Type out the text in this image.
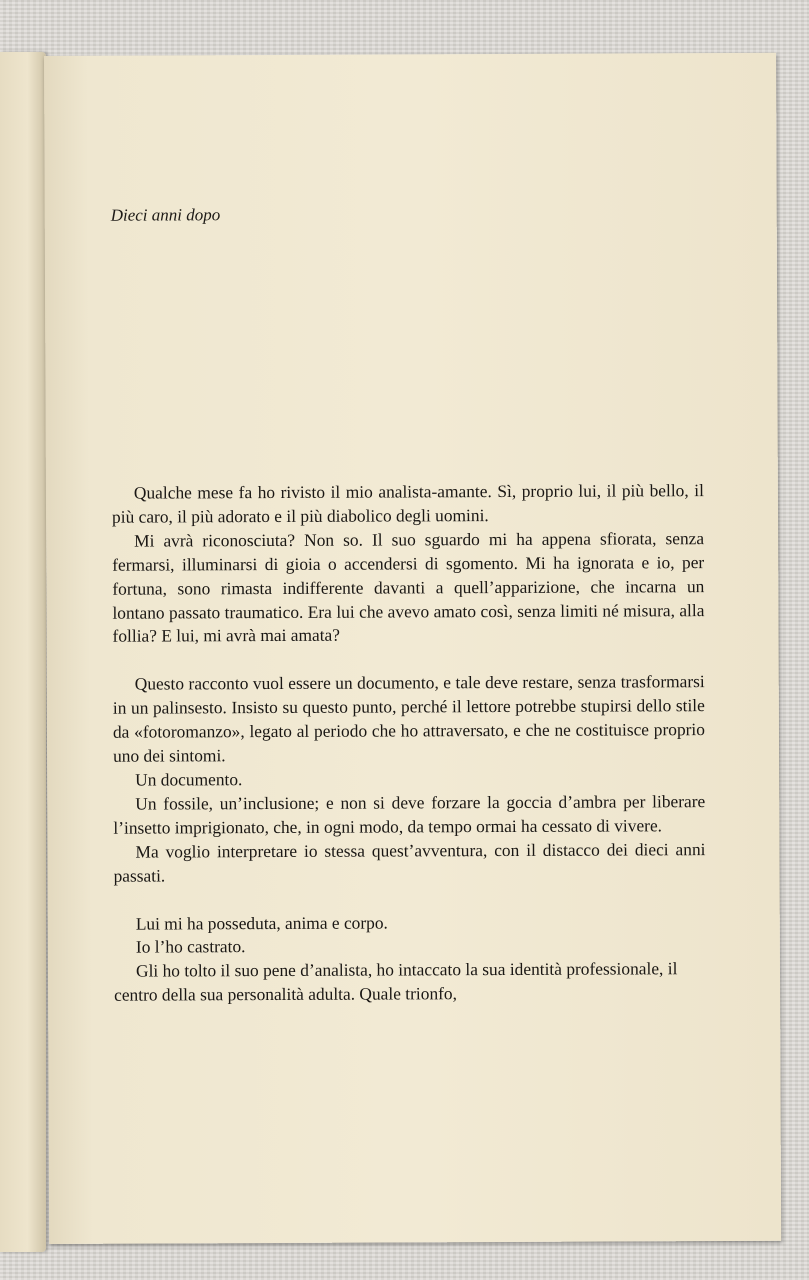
Dieci anni dopo

Qualche mese fa ho rivisto il mio analista-amante. Sì, proprio lui, il più bello, il più caro, il più adorato e il più diabolico degli uomini.

Mi avrà riconosciuta? Non so. Il suo sguardo mi ha appena sfiorata, senza fermarsi, illuminarsi di gioia o accendersi di sgomento. Mi ha ignorata e io, per fortuna, sono rimasta indifferente davanti a quell’apparizione, che incarna un lontano passato traumatico. Era lui che avevo amato così, senza limiti né misura, alla follia? E lui, mi avrà mai amata?

Questo racconto vuol essere un documento, e tale deve restare, senza trasformarsi in un palinsesto. Insisto su questo punto, perché il lettore potrebbe stupirsi dello stile da «fotoromanzo», legato al periodo che ho attraversato, e che ne costituisce proprio uno dei sintomi.

Un documento.

Un fossile, un’inclusione; e non si deve forzare la goccia d’ambra per liberare l’insetto imprigionato, che, in ogni modo, da tempo ormai ha cessato di vivere.

Ma voglio interpretare io stessa quest’avventura, con il distacco dei dieci anni passati.

Lui mi ha posseduta, anima e corpo.

Io l’ho castrato.

Gli ho tolto il suo pene d’analista, ho intaccato la sua identità professionale, il centro della sua personalità adulta. Quale trionfo,
